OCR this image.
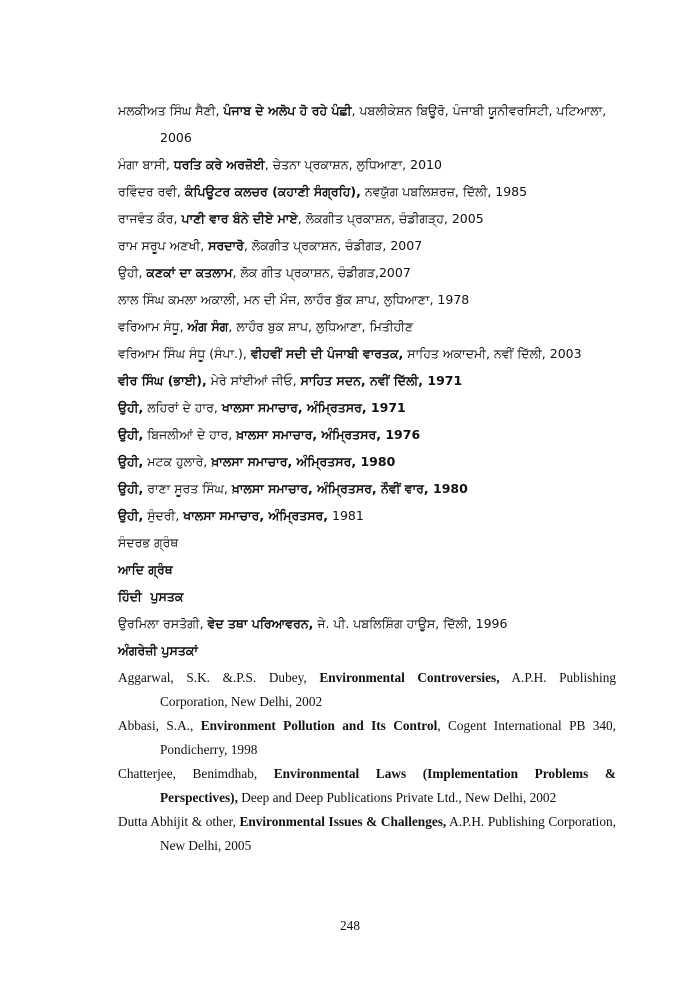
ਮਲਕੀਅਤ ਸਿੰਘ ਸੈਣੀ, ਪੰਜਾਬ ਦੇ ਅਲੋਪ ਹੋ ਰਹੇ ਪੰਛੀ, ਪਬਲੀਕੇਸ਼ਨ ਬਿਊਰੋ, ਪੰਜਾਬੀ ਯੂਨੀਵਰਸਿਟੀ, ਪਟਿਆਲਾ, 2006
ਮੰਗਾ ਬਾਸੀ, ਧਰਤਿ ਕਰੇ ਅਰਜ਼ੋਈ, ਚੇਤਨਾ ਪ੍ਰਕਾਸ਼ਨ, ਲੁਧਿਆਣਾ, 2010
ਰਵਿੰਦਰ ਰਵੀ, ਕੰਪਿਊਟਰ ਕਲਚਰ (ਕਹਾਣੀ ਸੰਗ੍ਰਹਿ), ਨਵਯੁੱਗ ਪਬਲਿਸ਼ਰਜ਼, ਦਿੱਲੀ, 1985
ਰਾਜਵੰਤ ਕੌਰ, ਪਾਣੀ ਵਾਰ ਬੰਨੇ ਦੀਏ ਮਾਏ, ਲੋਕਗੀਤ ਪ੍ਰਕਾਸ਼ਨ, ਚੰਡੀਗੜ੍ਹ, 2005
ਰਾਮ ਸਰੂਪ ਅਣਖੀ, ਸਰਦਾਰੋ, ਲੋਕਗੀਤ ਪ੍ਰਕਾਸ਼ਨ, ਚੰਡੀਗੜ, 2007
ਉਹੀ, ਕਣਕਾਂ ਦਾ ਕਤਲਾਮ, ਲੋਕ ਗੀਤ ਪ੍ਰਕਾਸ਼ਨ, ਚੰਡੀਗੜ,2007
ਲਾਲ ਸਿੰਘ ਕਮਲਾ ਅਕਾਲੀ, ਮਨ ਦੀ ਮੌਜ, ਲਾਹੌਰ ਬੁੱਕ ਸ਼ਾਪ, ਲੁਧਿਆਣਾ, 1978
ਵਰਿਆਮ ਸੰਧੂ, ਅੰਗ ਸੰਗ, ਲਾਹੌਰ ਬੁਕ ਸ਼ਾਪ, ਲੁਧਿਆਣਾ, ਮਿਤੀਹੀਣ
ਵਰਿਆਮ ਸਿੰਘ ਸੰਧੂ (ਸੰਪਾ.), ਵੀਹਵੀਂ ਸਦੀ ਦੀ ਪੰਜਾਬੀ ਵਾਰਤਕ, ਸਾਹਿਤ ਅਕਾਦਮੀ, ਨਵੀਂ ਦਿੱਲੀ, 2003
ਵੀਰ ਸਿੰਘ (ਭਾਈ), ਮੇਰੇ ਸਾਂਈਆਂ ਜੀਓ, ਸਾਹਿਤ ਸਦਨ, ਨਵੀਂ ਦਿੱਲੀ, 1971
ਉਹੀ, ਲਹਿਰਾਂ ਦੇ ਹਾਰ, ਖਾਲਸਾ ਸਮਾਚਾਰ, ਅੰਮ੍ਰਿਤਸਰ, 1971
ਉਹੀ, ਬਿਜਲੀਆਂ ਦੇ ਹਾਰ, ਖ਼ਾਲਸਾ ਸਮਾਚਾਰ, ਅੰਮ੍ਰਿਤਸਰ, 1976
ਉਹੀ, ਮਟਕ ਹੁਲਾਰੇ, ਖ਼ਾਲਸਾ ਸਮਾਚਾਰ, ਅੰਮ੍ਰਿਤਸਰ, 1980
ਉਹੀ, ਰਾਣਾ ਸੂਰਤ ਸਿੰਘ, ਖ਼ਾਲਸਾ ਸਮਾਚਾਰ, ਅੰਮ੍ਰਿਤਸਰ, ਨੌਵੀਂ ਵਾਰ, 1980
ਉਹੀ, ਸੁੰਦਰੀ, ਖਾਲਸਾ ਸਮਾਚਾਰ, ਅੰਮ੍ਰਿਤਸਰ, 1981
ਸੰਦਰਭ ਗ੍ਰੰਥ
ਆਦਿ ਗ੍ਰੰਥ
ਹਿੰਦੀ  ਪੁਸਤਕ
ਉਰਮਿਲਾ ਰਸਤੋਗੀ, ਵੇਦ ਤਥਾ ਪਰਿਆਵਰਨ, ਜੇ. ਪੀ. ਪਬਲਿਸ਼ਿੰਗ ਹਾਊਸ, ਦਿੱਲੀ, 1996
ਅੰਗਰੇਜ਼ੀ ਪੁਸਤਕਾਂ
Aggarwal, S.K. &.P.S. Dubey, Environmental Controversies, A.P.H. Publishing Corporation, New Delhi, 2002
Abbasi, S.A., Environment Pollution and Its Control, Cogent International PB 340, Pondicherry, 1998
Chatterjee, Benimdhab, Environmental Laws (Implementation Problems & Perspectives), Deep and Deep Publications Private Ltd., New Delhi, 2002
Dutta Abhijit & other, Environmental Issues & Challenges, A.P.H. Publishing Corporation, New Delhi, 2005
248
